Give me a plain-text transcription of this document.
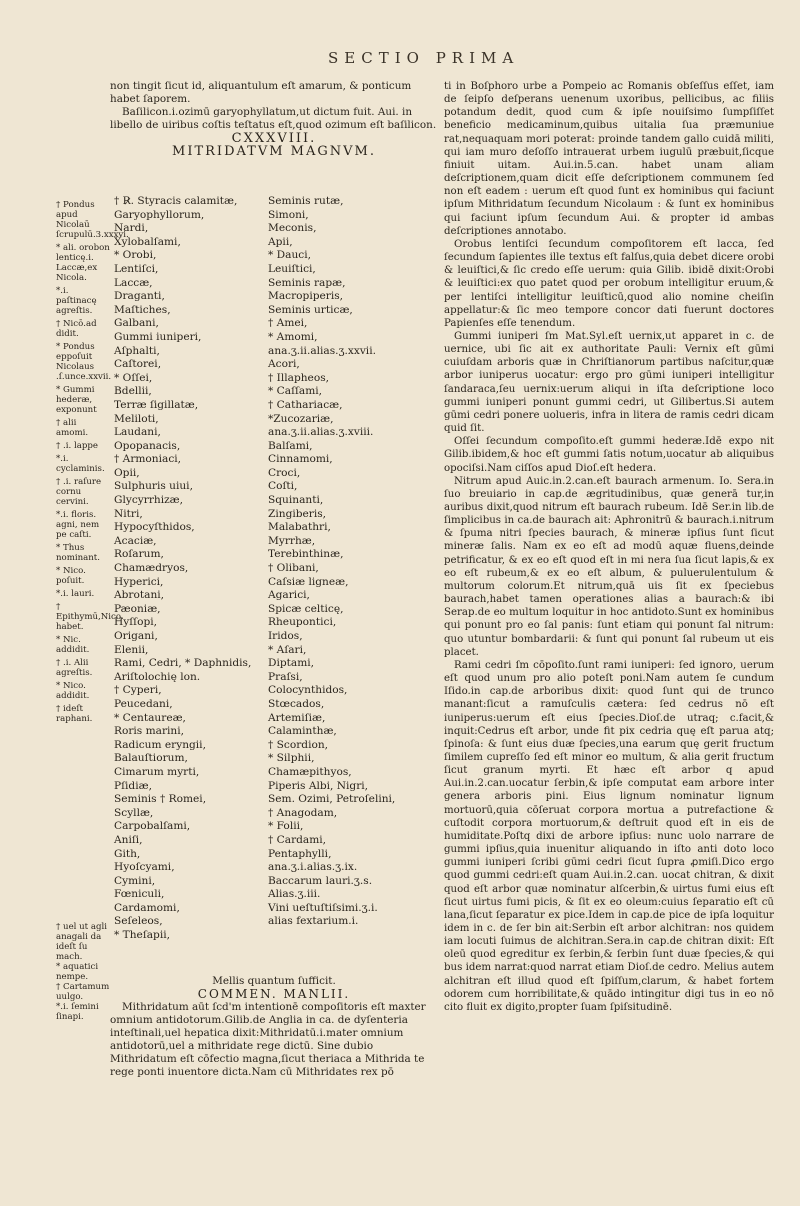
SECTIO PRIMA

non tingit ſicut id, aliquantulum eſt amarum, & ponticum habet ſaporem.

Baſilicon.i.ozimū garyophyllatum,ut dictum fuit. Aui. in libello de uiribus coſtis teſtatus eſt,quod ozimum eſt baſilicon.

CXXXVIII.

MITRIDATVM MAGNVM.

† Pondus apud Nicolaū ſcrupulū.3.xxxvi.
* ali. orobon lenticę.i. Laccæ,ex Nicola.
*.i. paſtinacę agreſtis.
† Nicō.ad didit.
* Pondus eppoſuit Nicolaus .ſ.unce.xxvii.
* Gummi hederæ, exponunt
† alii amomi.
† .i. lappe
*.i. cyclaminis.
† .i. raſure cornu cervini.
*.i. floris. agni, nem pe caſti.
* Thus nominant.
* Nico. poſuit.
*.i. lauri.
† Epithymū,Nico. habet.
* Nic. addidit.
† .i. Alii agreſtis.
* Nico. addidit.
† ideſt raphani.
† uel ut agli anagali da ideſt ſu mach.
* aquatici nempe.
† Cartamum uulgo.
*.i. ſemini ſinapi.
† R̷. Styracis calamitæ,
Garyophyllorum,
Nardi,
Xylobalſami,
* Orobi,
Lentiſci,
Laccæ,
Draganti,
Maſtiches,
Galbani,
Gummi iuniperi,
Aſphalti,
Caſtorei,
* Oſſei,
Bdellii,
Terræ ſigillatæ,
Meliloti,
Laudani,
Opopanacis,
† Armoniaci,
Opii,
Sulphuris uiui,
Glycyrrhizæ,
Nitri,
Hypocyſthidos,
Acaciæ,
Roſarum,
Chamædryos,
Hyperici,
Abrotani,
Pæoniæ,
Hyſſopi,
Origani,
Elenii,
Rami, Cedri, * Daphnidis,
Ariſtolochię lon.
† Cyperi,
Peucedani,
* Centaureæ,
Roris marini,
Radicum eryngii,
Balauſtiorum,
Cimarum myrti,
Pſidiæ,
Seminis † Romei,
Scyllæ,
Carpobalſami,
Aniſi,
Gith,
Hyoſcyami,
Cymini,
Fœniculi,
Cardamomi,
Seſeleos,
* Theſapii,
Seminis rutæ,
Simoni,
Meconis,
Apii,
* Dauci,
Leuiſtici,
Seminis rapæ,
Macropiperis,
Seminis urticæ,
† Amei,
* Amomi,
ana.ʒ.ii.alias.ʒ.xxvii.
Acori,
† Illapheos,
* Caſſami,
† Cathariacæ,
*Zucozariæ,
ana.ʒ.ii.alias.ʒ.xviii.
Balſami,
Cinnamomi,
Croci,
Coſti,
Squinanti,
Zingiberis,
Malabathri,
Myrrhæ,
Terebinthinæ,
† Olibani,
Caſsiæ ligneæ,
Agarici,
Spicæ celticę,
Rheupontici,
Iridos,
* Aſari,
Diptami,
Praſsi,
Colocynthidos,
Stœcados,
Artemiſiæ,
Calaminthæ,
† Scordion,
* Silphii,
Chamæpithyos,
Piperis Albi, Nigri,
Sem. Ozimi, Petroſelini,
† Anagodam,
* Folii,
† Cardami,
Pentaphylli,
ana.ʒ.i.alias.ʒ.ix.
Baccarum lauri.ʒ.s.
Alias.ʒ.iii.
Vini ueſtuſtiſsimi.ʒ.i.
alias fextarium.i.

Mellis quantum ſufficit.

COMMEN. MANLII.

Mithridatum aūt ſcd'm intentionē compoſitoris eſt maxter omnium antidotorum.Gilib.de Anglia in ca. de dyſenteria inteſtinali,uel hepatica dixit:Mithridatū.i.mater omnium antidotorū,uel a mithridate rege dictū. Sine dubio Mithridatum eſt cōfectio magna,ſicut theriaca a Mithrida te rege ponti inuentore dicta.Nam cū Mithridates rex pō

ti in Boſphoro urbe a Pompeio ac Romanis obſeſſus eſſet, iam de ſeipſo deſperans uenenum uxoribus, pellicibus, ac filiis potandum dedit, quod cum & ipſe nouiſsimo ſumpſiſſet beneficio medicaminum,quibus uitalia ſua præmuniue rat,nequaquam mori poterat: proinde tandem gallo cuidā militi, qui iam muro deſoſſo intrauerat urbem iugulū præbuit,ſicque finiuit uitam. Aui.in.5.can. habet unam aliam deſcriptionem,quam dicit eſſe deſcriptionem communem ſed non eſt eadem : uerum eſt quod ſunt ex hominibus qui faciunt ipſum Mithridatum ſecundum Nicolaum : & ſunt ex hominibus qui faciunt ipſum ſecundum Aui. & propter id ambas deſcriptiones annotabo.

Orobus lentiſci ſecundum compoſitorem eſt lacca, ſed ſecundum ſapientes ille textus eſt falſus,quia debet dicere orobi & leuiſtici,& ſic credo eſſe uerum: quia Gilib. ibidē dixit:Orobi & leuiſtici:ex quo patet quod per orobum intelligitur eruum,& per lentiſci intelligitur leuiſticū,quod alio nomine cheiſin appellatur:& ſic meo tempore concor dati fuerunt doctores Papienſes eſſe tenendum.

Gummi iuniperi ſm Mat.Syl.eſt uernix,ut apparet in c. de uernice, ubi ſic ait ex authoritate Pauli: Vernix eſt gūmi cuiuſdam arboris quæ in Chriſtianorum partibus naſcitur,quæ arbor iuniperus uocatur: ergo pro gūmi iuniperi intelligitur ſandaraca,ſeu uernix:uerum aliqui in iſta deſcriptione loco gummi iuniperi ponunt gummi cedri, ut Gilibertus.Si autem gūmi cedri ponere uolueris, infra in litera de ramis cedri dicam quid ſit.

Oſſei ſecundum compoſito.eſt gummi hederæ.Idē expo nit Gilib.ibidem,& hoc eſt gummi ſatis notum,uocatur ab aliquibus opociſsi.Nam ciſſos apud Dioſ.eſt hedera.

Nitrum apud Auic.in.2.can.eſt baurach armenum. Io. Sera.in ſuo breuiario in cap.de ægritudinibus, quæ generā tur,in auribus dixit,quod nitrum eſt baurach rubeum. Idē Ser.in lib.de ſimplicibus in ca.de baurach ait: Aphronitrū & baurach.i.nitrum & ſpuma nitri ſpecies baurach, & mineræ ipſius ſunt ſicut mineræ ſalis. Nam ex eo eſt ad modū aquæ fluens,deinde petrificatur, & ex eo eſt quod eſt in mi nera ſua ſicut lapis,& ex eo eſt rubeum,& ex eo eſt album, & puluerulentulum & multorum colorum.Et nitrum,quā uis ſit ex ſpeciebus baurach,habet tamen operationes alias a baurach:& ibi Serap.de eo multum loquitur in hoc antidoto.Sunt ex hominibus qui ponunt pro eo ſal panis: ſunt etiam qui ponunt ſal nitrum: quo utuntur bombardarii: & ſunt qui ponunt ſal rubeum ut eis placet.

Rami cedri ſm cōpoſito.ſunt rami iuniperi: ſed ignoro, uerum eſt quod unum pro alio poteſt poni.Nam autem ſe cundum Iſido.in cap.de arboribus dixit: quod ſunt qui de trunco manant:ſicut a ramuſculis cætera: ſed cedrus nō eſt iuniperus:uerum eſt eius ſpecies.Dioſ.de utraq; c.facit,& inquit:Cedrus eſt arbor, unde fit pix cedria quę eſt parua atq; ſpinoſa: & ſunt eius duæ ſpecies,una earum quę gerit fructum ſimilem cupreſſo ſed eſt minor eo multum, & alia gerit fructum ſicut granum myrti. Et hæc eſt arbor q apud Aui.in.2.can.uocatur ſerbin,& ipſe computat eam arbore inter genera arboris pini. Eius lignum nominatur lignum mortuorū,quia cōſeruat corpora mortua a putrefactione & cuſtodit corpora mortuorum,& deſtruit quod eſt in eis de humiditate.Poſtq dixi de arbore ipſius: nunc uolo narrare de gummi ipſius,quia inuenitur aliquando in iſto anti doto loco gummi iuniperi ſcribi gūmi cedri ſicut ſupra ꝓmiſi.Dico ergo quod gummi cedri:eſt quam Aui.in.2.can. uocat chitran, & dixit quod eſt arbor quæ nominatur alſcerbin,& uirtus fumi eius eſt ſicut uirtus fumi picis, & ſit ex eo oleum:cuius ſeparatio eſt cū lana,ſicut ſeparatur ex pice.Idem in cap.de pice de ipſa loquitur idem in c. de ſer bin ait:Serbin eſt arbor alchitran: nos quidem iam locuti ſuimus de alchitran.Sera.in cap.de chitran dixit: Eſt oleū quod egreditur ex ſerbin,& ſerbin ſunt duæ ſpecies,& qui bus idem narrat:quod narrat etiam Dioſ.de cedro. Melius autem alchitran eſt illud quod eſt ſpiſſum,clarum, & habet fortem odorem cum horribilitate,& quādo intingitur digi tus in eo nō cito fluit ex digito,propter ſuam ſpiſsitudinē.
